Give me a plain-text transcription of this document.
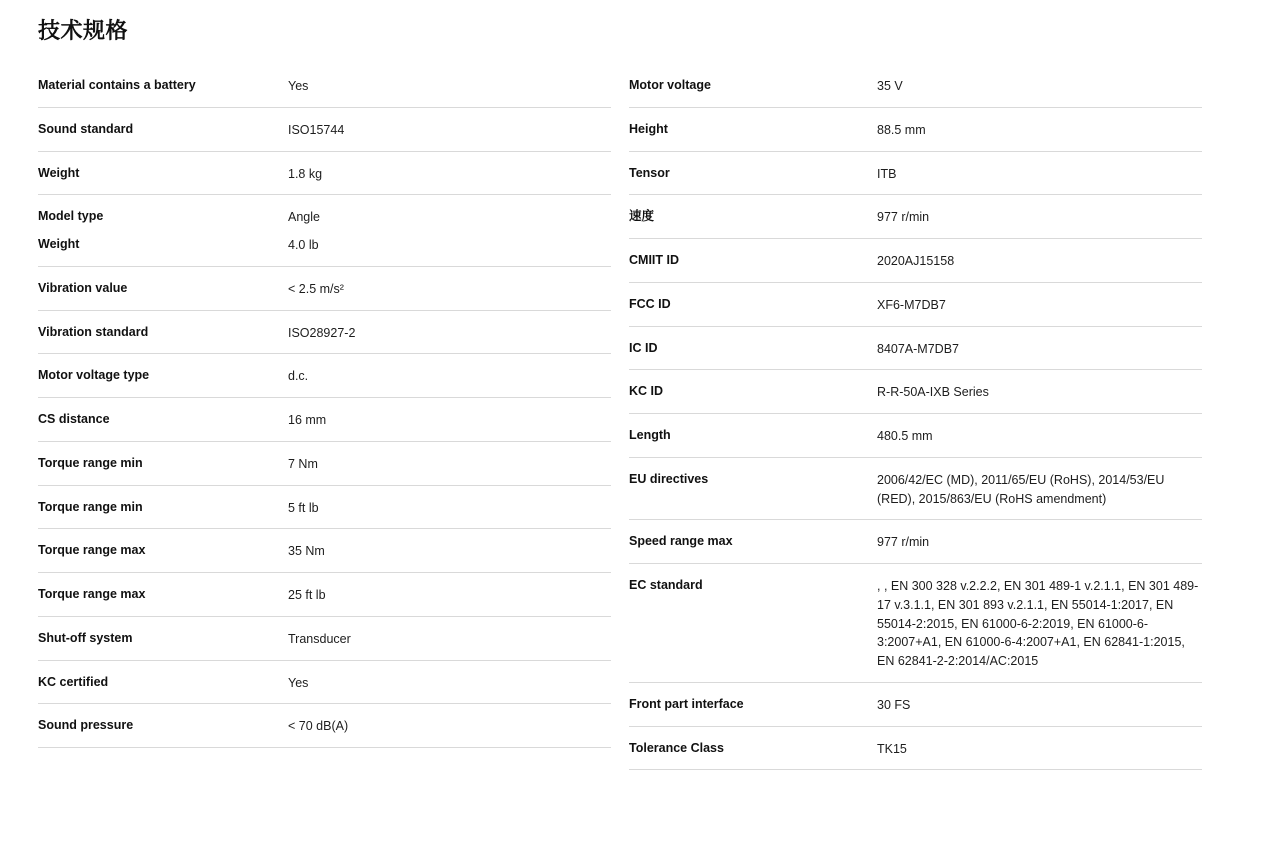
技术规格
Material contains a battery	Yes
Sound standard	ISO15744
Weight	1.8 kg
Model type	Angle
Weight	4.0 lb
Vibration value	< 2.5 m/s²
Vibration standard	ISO28927-2
Motor voltage type	d.c.
CS distance	16 mm
Torque range min	7 Nm
Torque range min	5 ft lb
Torque range max	35 Nm
Torque range max	25 ft lb
Shut-off system	Transducer
KC certified	Yes
Sound pressure	< 70 dB(A)
Motor voltage	35 V
Height	88.5 mm
Tensor	ITB
速度	977 r/min
CMIIT ID	2020AJ15158
FCC ID	XF6-M7DB7
IC ID	8407A-M7DB7
KC ID	R-R-50A-IXB Series
Length	480.5 mm
EU directives	2006/42/EC (MD), 2011/65/EU (RoHS), 2014/53/EU (RED), 2015/863/EU (RoHS amendment)
Speed range max	977 r/min
EC standard	, , EN 300 328 v.2.2.2, EN 301 489-1 v.2.1.1, EN 301 489-17 v.3.1.1, EN 301 893 v.2.1.1, EN 55014-1:2017, EN 55014-2:2015, EN 61000-6-2:2019, EN 61000-6-3:2007+A1, EN 61000-6-4:2007+A1, EN 62841-1:2015, EN 62841-2-2:2014/AC:2015
Front part interface	30 FS
Tolerance Class	TK15
